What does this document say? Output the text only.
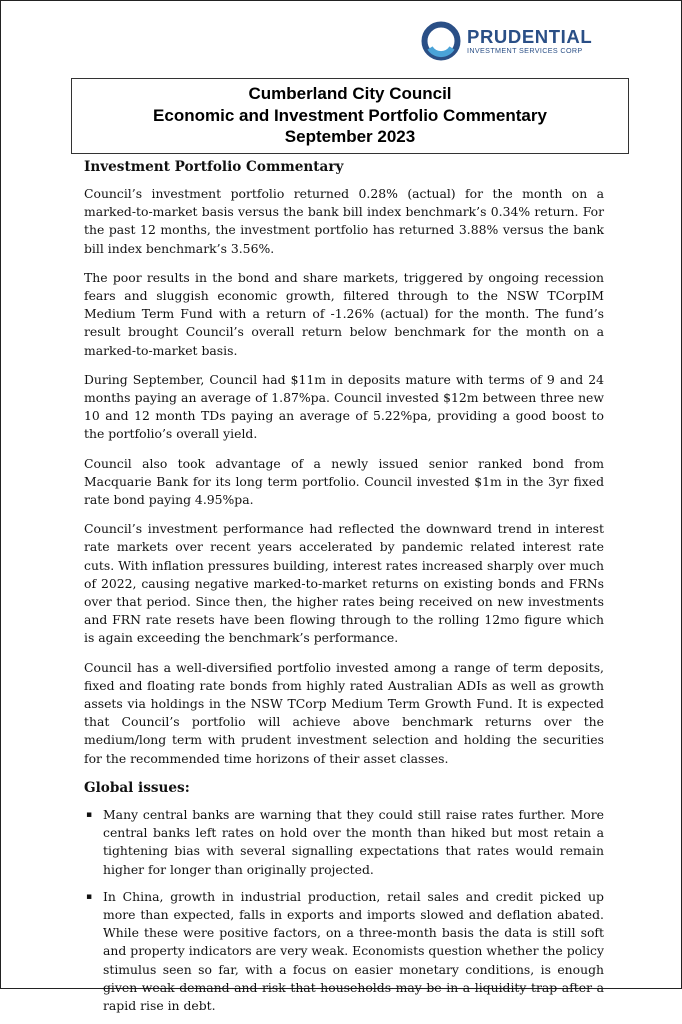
PRUDENTIAL
INVESTMENT SERVICES CORP
Cumberland City Council
Economic and Investment Portfolio Commentary
September 2023
Investment Portfolio Commentary

Council’s investment portfolio returned 0.28% (actual) for the month on a marked-to-market basis versus the bank bill index benchmark’s 0.34% return. For the past 12 months, the investment portfolio has returned 3.88% versus the bank bill index benchmark’s 3.56%.

The poor results in the bond and share markets, triggered by ongoing recession fears and sluggish economic growth, filtered through to the NSW TCorpIM Medium Term Fund with a return of -1.26% (actual) for the month. The fund’s result brought Council’s overall return below benchmark for the month on a marked-to-market basis.

During September, Council had $11m in deposits mature with terms of 9 and 24 months paying an average of 1.87%pa. Council invested $12m between three new 10 and 12 month TDs paying an average of 5.22%pa, providing a good boost to the portfolio’s overall yield.

Council also took advantage of a newly issued senior ranked bond from Macquarie Bank for its long term portfolio. Council invested $1m in the 3yr fixed rate bond paying 4.95%pa.

Council’s investment performance had reflected the downward trend in interest rate markets over recent years accelerated by pandemic related interest rate cuts. With inflation pressures building, interest rates increased sharply over much of 2022, causing negative marked-to-market returns on existing bonds and FRNs over that period. Since then, the higher rates being received on new investments and FRN rate resets have been flowing through to the rolling 12mo figure which is again exceeding the benchmark’s performance.

Council has a well-diversified portfolio invested among a range of term deposits, fixed and floating rate bonds from highly rated Australian ADIs as well as growth assets via holdings in the NSW TCorp Medium Term Growth Fund. It is expected that Council’s portfolio will achieve above benchmark returns over the medium/long term with prudent investment selection and holding the securities for the recommended time horizons of their asset classes.

Global issues:
▪ Many central banks are warning that they could still raise rates further. More central banks left rates on hold over the month than hiked but most retain a tightening bias with several signalling expectations that rates would remain higher for longer than originally projected.
▪ In China, growth in industrial production, retail sales and credit picked up more than expected, falls in exports and imports slowed and deflation abated. While these were positive factors, on a three-month basis the data is still soft and property indicators are very weak. Economists question whether the policy stimulus seen so far, with a focus on easier monetary conditions, is enough given weak demand and risk that households may be in a liquidity trap after a rapid rise in debt.
